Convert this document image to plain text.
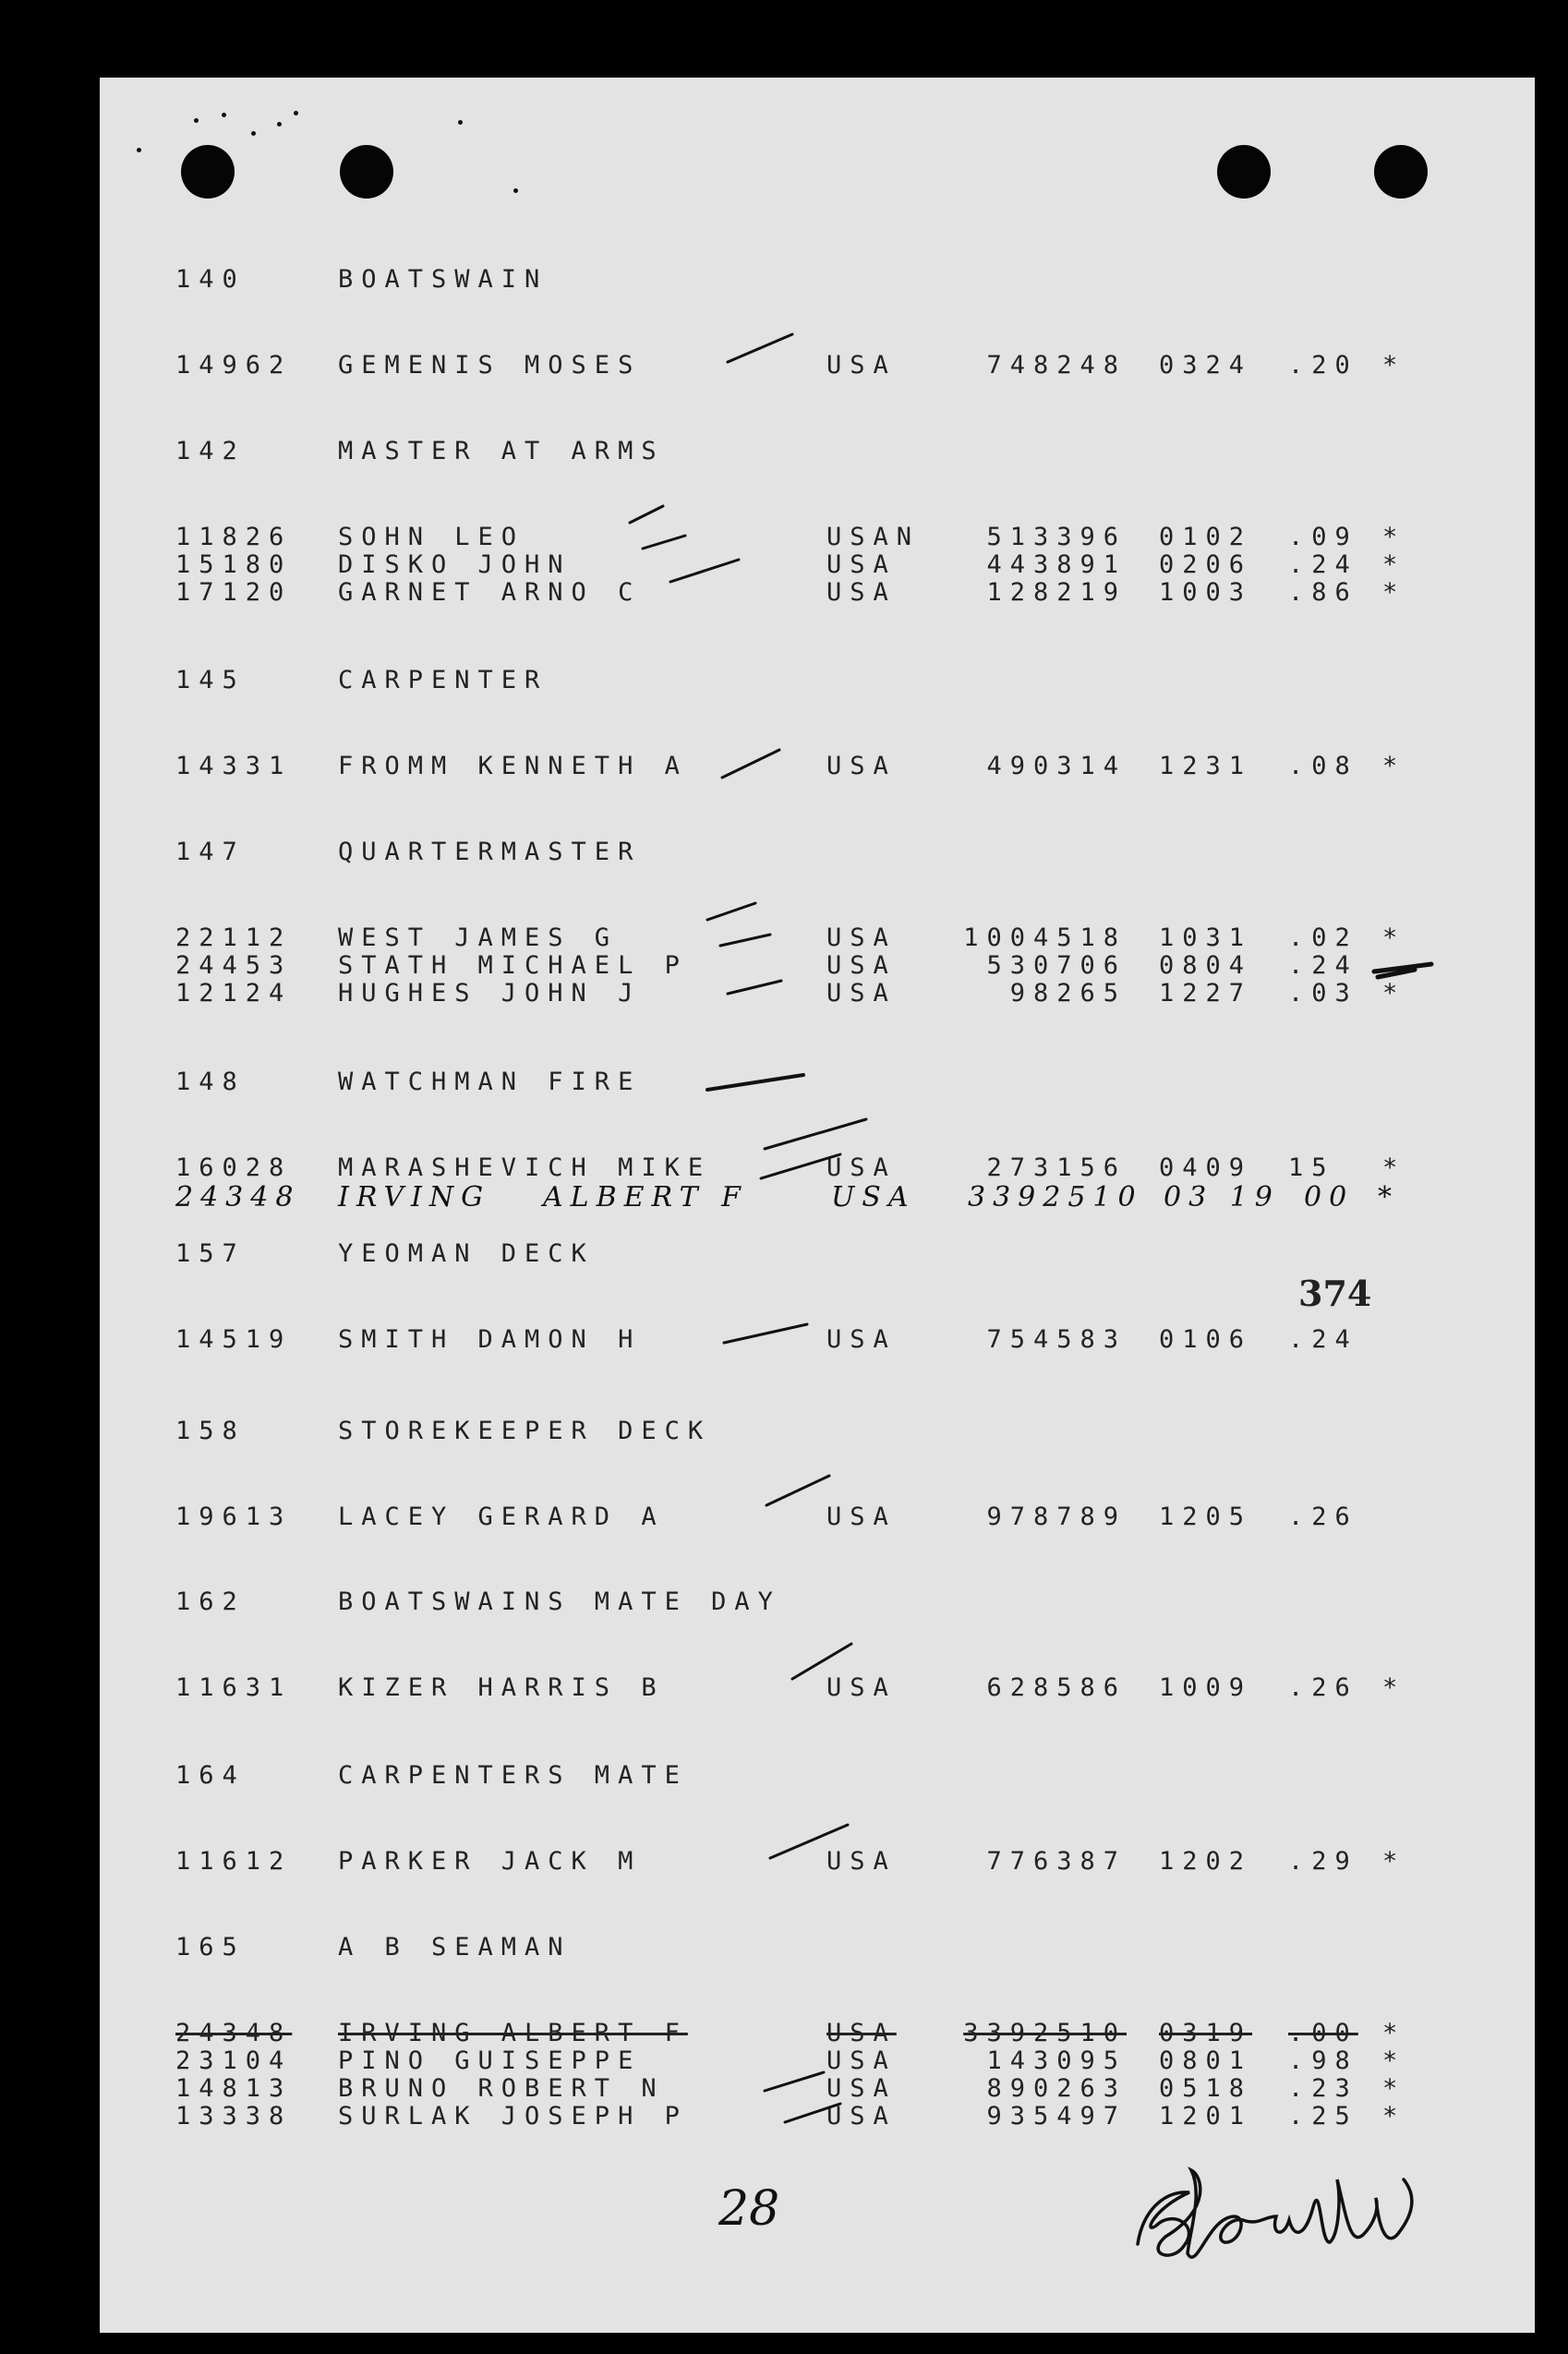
140	BOATSWAIN
14962 GEMENIS MOSES	USA	748248 0324 .20 *
142	MASTER AT ARMS
11826 SOHN LEO	USAN	513396 0102 .09 *
15180 DISKO JOHN	USA	443891 0206 .24 *
17120 GARNET ARNO C	USA	128219 1003 .86 *
145	CARPENTER
14331 FROMM KENNETH A	USA	490314 1231 .08 *
147	QUARTERMASTER
22112 WEST JAMES G	USA	1004518 1031 .02 *
24453 STATH MICHAEL P	USA	530706 0804 .24
12124 HUGHES JOHN J	USA	98265 1227 .03 *
148	WATCHMAN FIRE
16028 MARASHEVICH MIKE	USA	273156 0409 15 *
157	YEOMAN DECK
14519 SMITH DAMON H	USA	754583 0106 .24
158	STOREKEEPER DECK
19613 LACEY GERARD A	USA	978789 1205 .26
162	BOATSWAINS MATE DAY
11631 KIZER HARRIS B	USA	628586 1009 .26 *
164	CARPENTERS MATE
11612 PARKER JACK M	USA	776387 1202 .29 *
165	A B SEAMAN
24348 IRVING ALBERT F	USA	3392510 0319 .00 *
23104 PINO GUISEPPE	USA	143095 0801 .98 *
14813 BRUNO ROBERT N	USA	890263 0518 .23 *
13338 SURLAK JOSEPH P	USA	935497 1201 .25 *
24348 IRVING ALBERT F	USA 3392510 03 19 00 *
374
28
